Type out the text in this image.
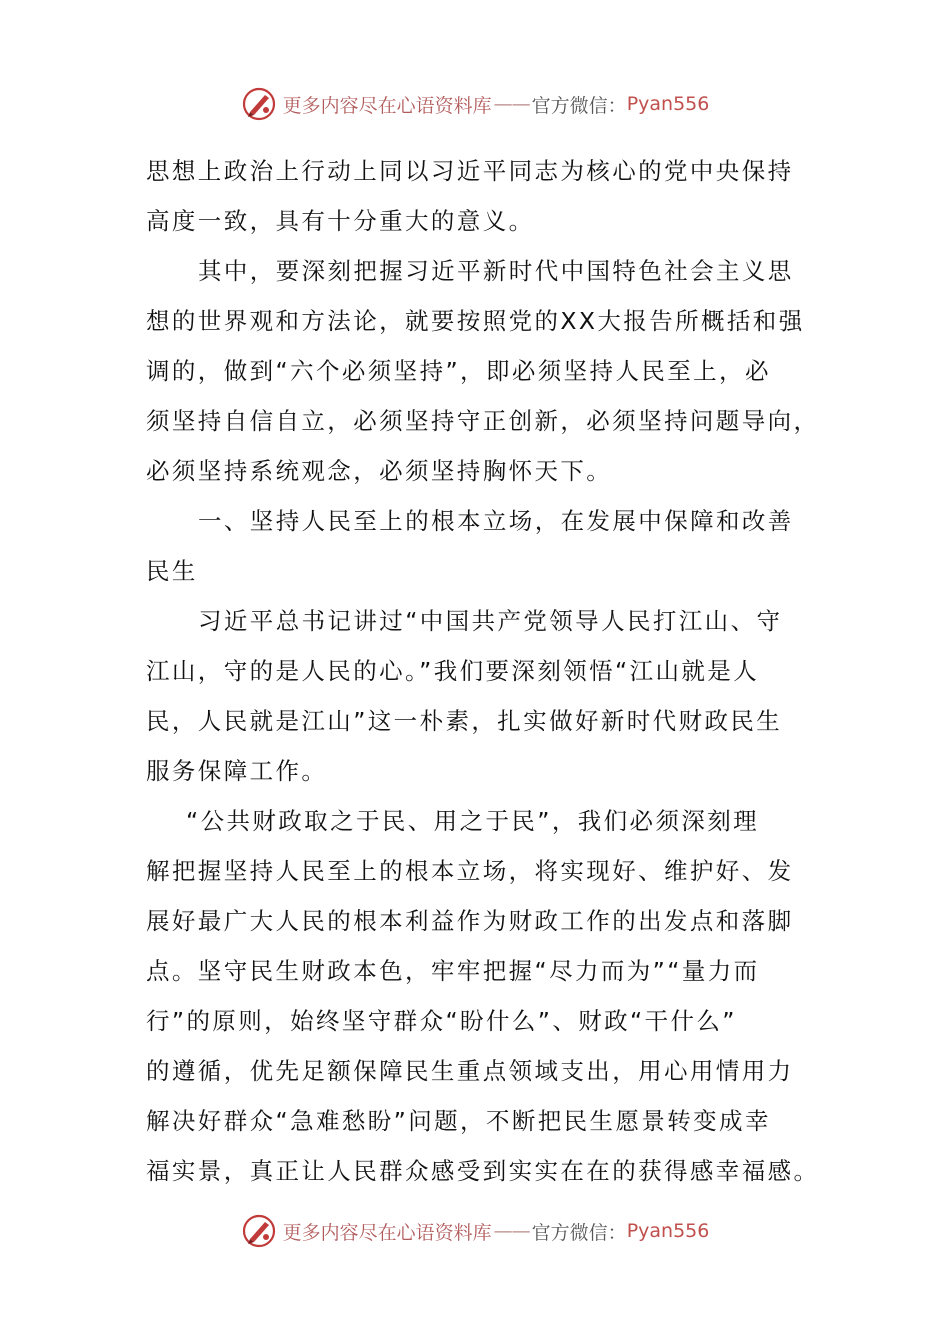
更多内容尽在心语资料库 —— 官方微信： Pyan556
思想上政治上行动上同以习近平同志为核心的党中央保持
高度一致，具有十分重大的意义。
其中，要深刻把握习近平新时代中国特色社会主义思
想的世界观和方法论，就要按照党的XX大报告所概括和强
调的，做到“六个必须坚持”，即必须坚持人民至上，必
须坚持自信自立，必须坚持守正创新，必须坚持问题导向，
必须坚持系统观念，必须坚持胸怀天下。
一、坚持人民至上的根本立场，在发展中保障和改善
民生
习近平总书记讲过“中国共产党领导人民打江山、守
江山，守的是人民的心。”我们要深刻领悟“江山就是人
民，人民就是江山”这一朴素，扎实做好新时代财政民生
服务保障工作。
“公共财政取之于民、用之于民”，我们必须深刻理
解把握坚持人民至上的根本立场，将实现好、维护好、发
展好最广大人民的根本利益作为财政工作的出发点和落脚
点。坚守民生财政本色，牢牢把握“尽力而为”“量力而
行”的原则，始终坚守群众“盼什么”、财政“干什么”
的遵循，优先足额保障民生重点领域支出，用心用情用力
解决好群众“急难愁盼”问题，不断把民生愿景转变成幸
福实景，真正让人民群众感受到实实在在的获得感幸福感。
更多内容尽在心语资料库 —— 官方微信： Pyan556
